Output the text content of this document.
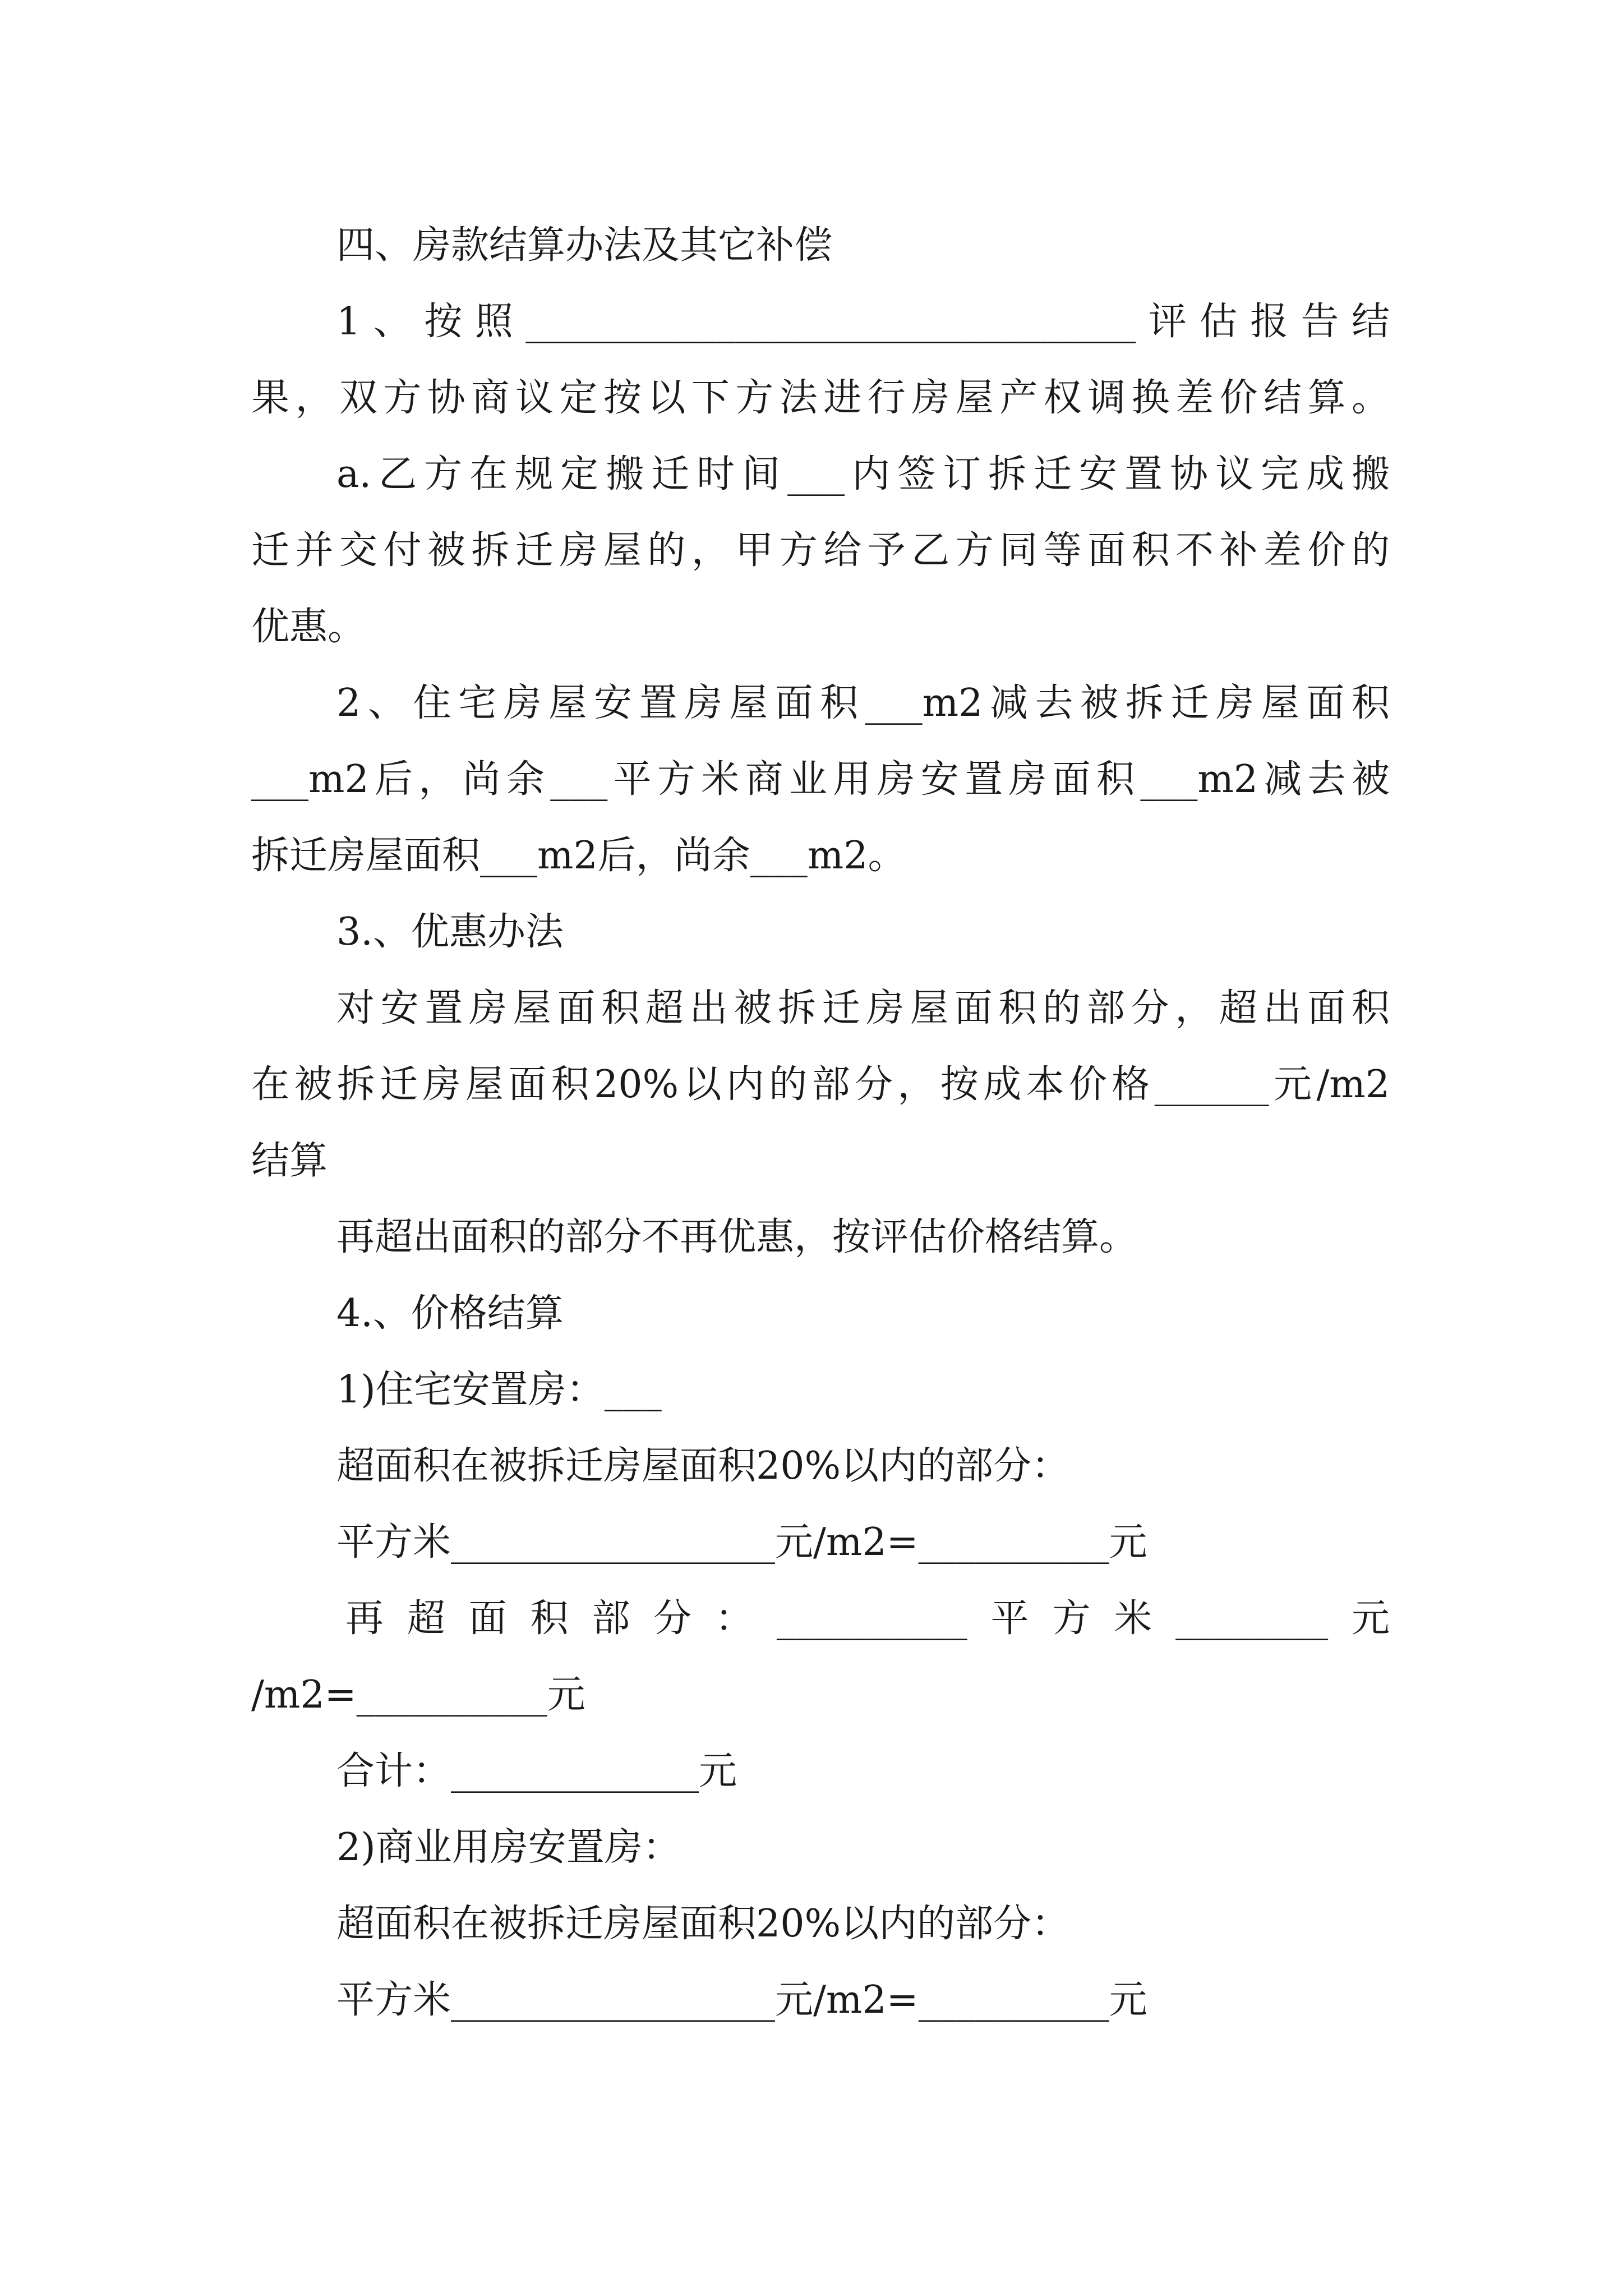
四、房款结算办法及其它补偿
1、按照________________________________评估报告结
果，双方协商议定按以下方法进行房屋产权调换差价结算。
a.乙方在规定搬迁时间___内签订拆迁安置协议完成搬
迁并交付被拆迁房屋的，甲方给予乙方同等面积不补差价的
优惠。
2、住宅房屋安置房屋面积___m2减去被拆迁房屋面积
___m2后，尚余___平方米商业用房安置房面积___m2减去被
拆迁房屋面积___m2后，尚余___m2。
3.、优惠办法
对安置房屋面积超出被拆迁房屋面积的部分，超出面积
在被拆迁房屋面积20%以内的部分，按成本价格______元/m2
结算
再超出面积的部分不再优惠，按评估价格结算。
4.、价格结算
1)住宅安置房：___
超面积在被拆迁房屋面积20%以内的部分：
平方米_________________元/m2=__________元
再超面积部分：__________平方米________元
/m2=__________元
合计：_____________元
2)商业用房安置房：
超面积在被拆迁房屋面积20%以内的部分：
平方米_________________元/m2=__________元
